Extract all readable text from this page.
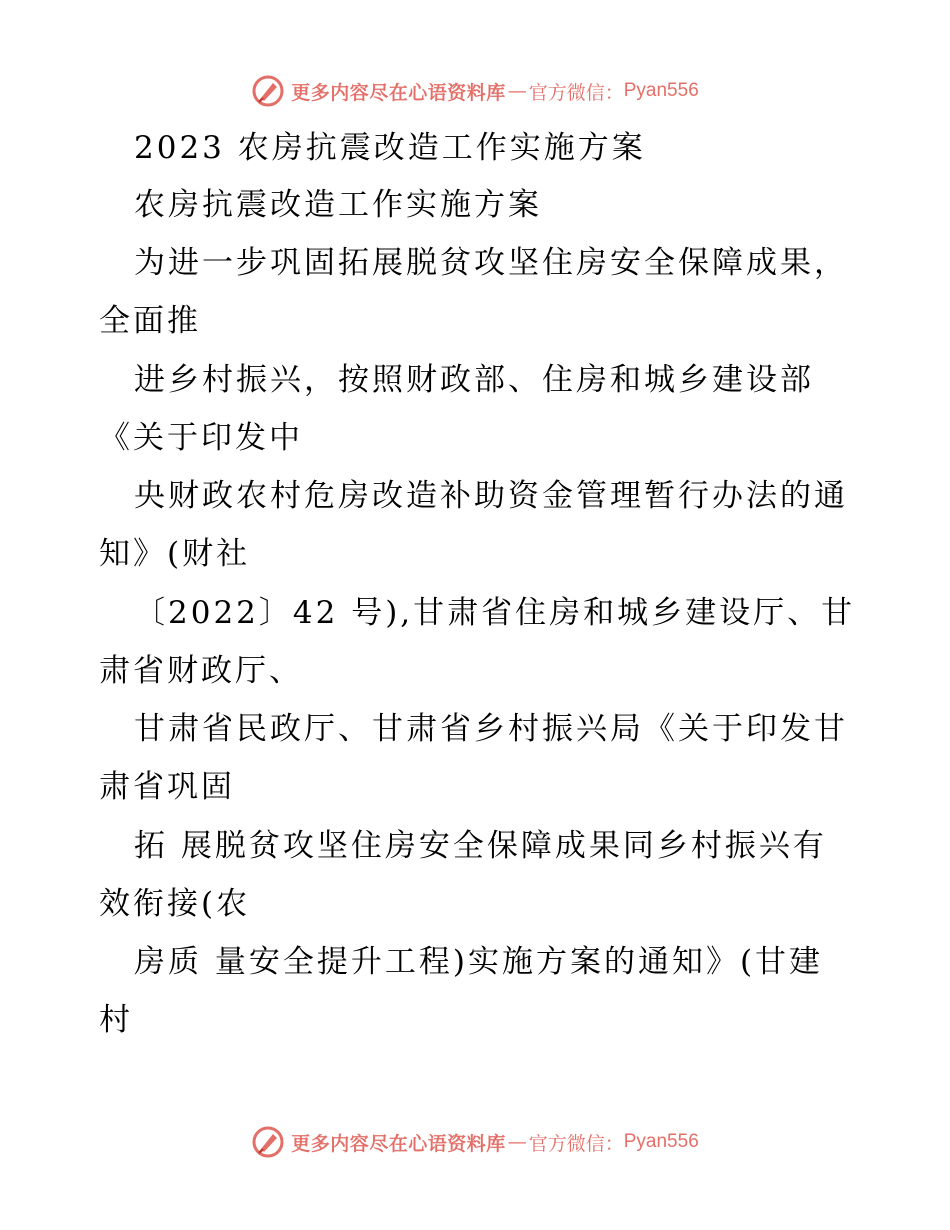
更多内容尽在心语资料库 — 官方微信： Pyan556
2023 农房抗震改造工作实施方案
农房抗震改造工作实施方案
为进一步巩固拓展脱贫攻坚住房安全保障成果，
全面推
进乡村振兴，按照财政部、住房和城乡建设部
《关于印发中
央财政农村危房改造补助资金管理暂行办法的通
知》(财社
〔2022〕42 号),甘肃省住房和城乡建设厅、甘
肃省财政厅、
甘肃省民政厅、甘肃省乡村振兴局《关于印发甘
肃省巩固
拓 展脱贫攻坚住房安全保障成果同乡村振兴有
效衔接(农
房质 量安全提升工程)实施方案的通知》(甘建
村
更多内容尽在心语资料库 — 官方微信： Pyan556
